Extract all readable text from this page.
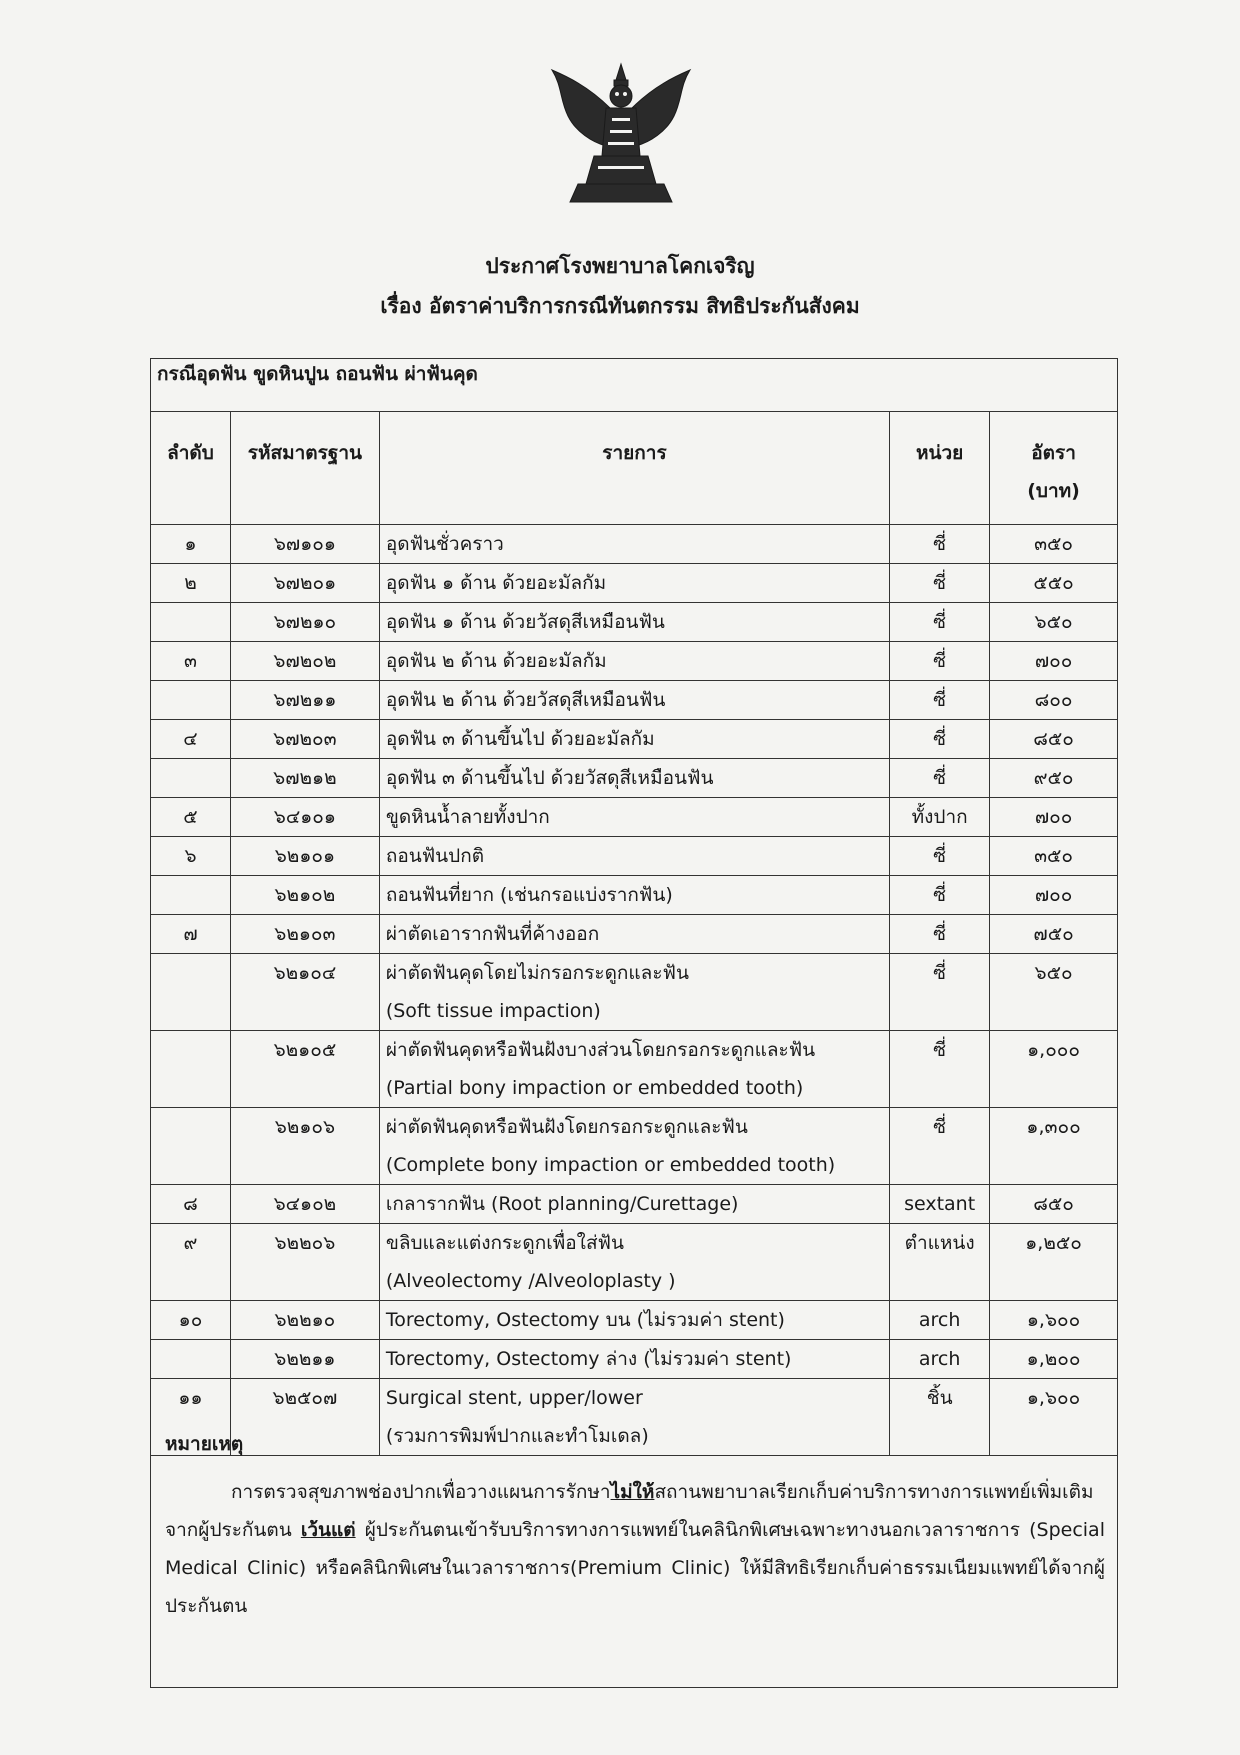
ประกาศโรงพยาบาลโคกเจริญ
เรื่อง อัตราค่าบริการกรณีทันตกรรม สิทธิประกันสังคม
กรณีอุดฟัน ขูดหินปูน ถอนฟัน ผ่าฟันคุด				
ลำดับ	รหัสมาตรฐาน	รายการ	หน่วย	อัตรา
(บาท)

๑	๖๗๑๐๑	อุดฟันชั่วคราว	ซี่	๓๕๐

๒	๖๗๒๐๑	อุดฟัน ๑ ด้าน ด้วยอะมัลกัม	ซี่	๕๕๐

	๖๗๒๑๐	อุดฟัน ๑ ด้าน ด้วยวัสดุสีเหมือนฟัน	ซี่	๖๕๐

๓	๖๗๒๐๒	อุดฟัน ๒ ด้าน ด้วยอะมัลกัม	ซี่	๗๐๐

	๖๗๒๑๑	อุดฟัน ๒ ด้าน ด้วยวัสดุสีเหมือนฟัน	ซี่	๘๐๐

๔	๖๗๒๐๓	อุดฟัน ๓ ด้านขึ้นไป ด้วยอะมัลกัม	ซี่	๘๕๐

	๖๗๒๑๒	อุดฟัน ๓ ด้านขึ้นไป ด้วยวัสดุสีเหมือนฟัน	ซี่	๙๕๐

๕	๖๔๑๐๑	ขูดหินน้ำลายทั้งปาก	ทั้งปาก	๗๐๐

๖	๖๒๑๐๑	ถอนฟันปกติ	ซี่	๓๕๐

	๖๒๑๐๒	ถอนฟันที่ยาก (เช่นกรอแบ่งรากฟัน)	ซี่	๗๐๐

๗	๖๒๑๐๓	ผ่าตัดเอารากฟันที่ค้างออก	ซี่	๗๕๐

	๖๒๑๐๔	ผ่าตัดฟันคุดโดยไม่กรอกระดูกและฟัน
(Soft tissue impaction)	ซี่	๖๕๐

	๖๒๑๐๕	ผ่าตัดฟันคุดหรือฟันฝังบางส่วนโดยกรอกระดูกและฟัน
(Partial bony impaction or embedded tooth)	ซี่	๑,๐๐๐

	๖๒๑๐๖	ผ่าตัดฟันคุดหรือฟันฝังโดยกรอกระดูกและฟัน
(Complete bony impaction or embedded tooth)	ซี่	๑,๓๐๐

๘	๖๔๑๐๒	เกลารากฟัน (Root planning/Curettage)	sextant	๘๕๐

๙	๖๒๒๐๖	ขลิบและแต่งกระดูกเพื่อใส่ฟัน
(Alveolectomy /Alveoloplasty )	ตำแหน่ง	๑,๒๕๐

๑๐	๖๒๒๑๐	Torectomy, Ostectomy บน (ไม่รวมค่า stent)	arch	๑,๖๐๐

	๖๒๒๑๑	Torectomy, Ostectomy ล่าง (ไม่รวมค่า stent)	arch	๑,๒๐๐

๑๑	๖๒๕๐๗	Surgical stent, upper/lower
(รวมการพิมพ์ปากและทำโมเดล)	ชิ้น	๑,๖๐๐
หมายเหตุ
การตรวจสุขภาพช่องปากเพื่อวางแผนการรักษาไม่ให้สถานพยาบาลเรียกเก็บค่าบริการทางการแพทย์เพิ่มเติมจากผู้ประกันตน เว้นแต่ ผู้ประกันตนเข้ารับบริการทางการแพทย์ในคลินิกพิเศษเฉพาะทางนอกเวลาราชการ (Special Medical Clinic) หรือคลินิกพิเศษในเวลาราชการ(Premium Clinic) ให้มีสิทธิเรียกเก็บค่าธรรมเนียมแพทย์ได้จากผู้ประกันตน
